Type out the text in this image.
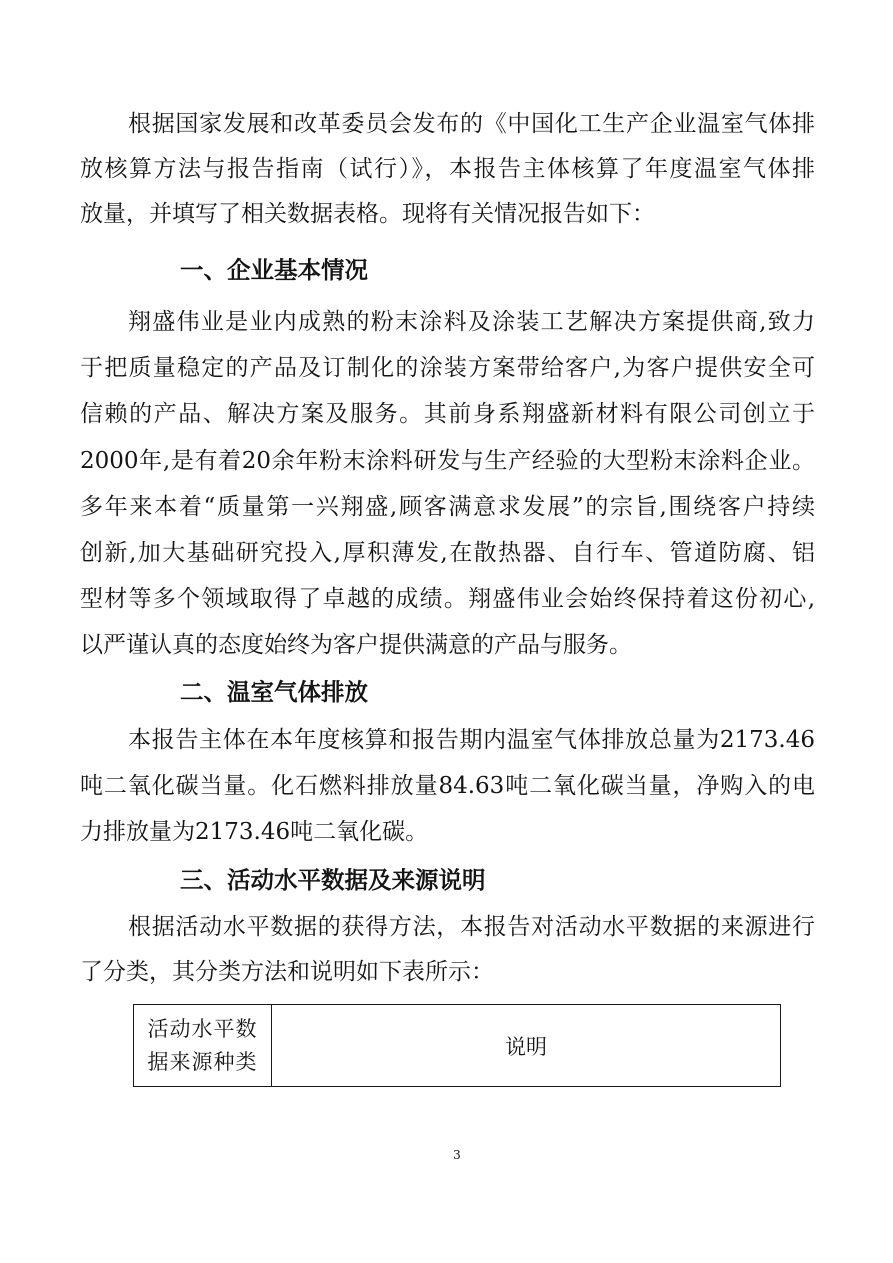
根据国家发展和改革委员会发布的《中国化工生产企业温室气体排
放核算方法与报告指南（试行）》，本报告主体核算了年度温室气体排
放量，并填写了相关数据表格。现将有关情况报告如下：
一、企业基本情况
翔盛伟业是业内成熟的粉末涂料及涂装工艺解决方案提供商,致力
于把质量稳定的产品及订制化的涂装方案带给客户,为客户提供安全可
信赖的产品、解决方案及服务。其前身系翔盛新材料有限公司创立于
2000年,是有着20余年粉末涂料研发与生产经验的大型粉末涂料企业。
多年来本着“质量第一兴翔盛,顾客满意求发展”的宗旨,围绕客户持续
创新,加大基础研究投入,厚积薄发,在散热器、自行车、管道防腐、铝
型材等多个领域取得了卓越的成绩。翔盛伟业会始终保持着这份初心,
以严谨认真的态度始终为客户提供满意的产品与服务。
二、温室气体排放
本报告主体在本年度核算和报告期内温室气体排放总量为2173.46
吨二氧化碳当量。化石燃料排放量84.63吨二氧化碳当量，净购入的电
力排放量为2173.46吨二氧化碳。
三、活动水平数据及来源说明
根据活动水平数据的获得方法，本报告对活动水平数据的来源进行
了分类，其分类方法和说明如下表所示：
活动水平数
据来源种类
	说明
3
